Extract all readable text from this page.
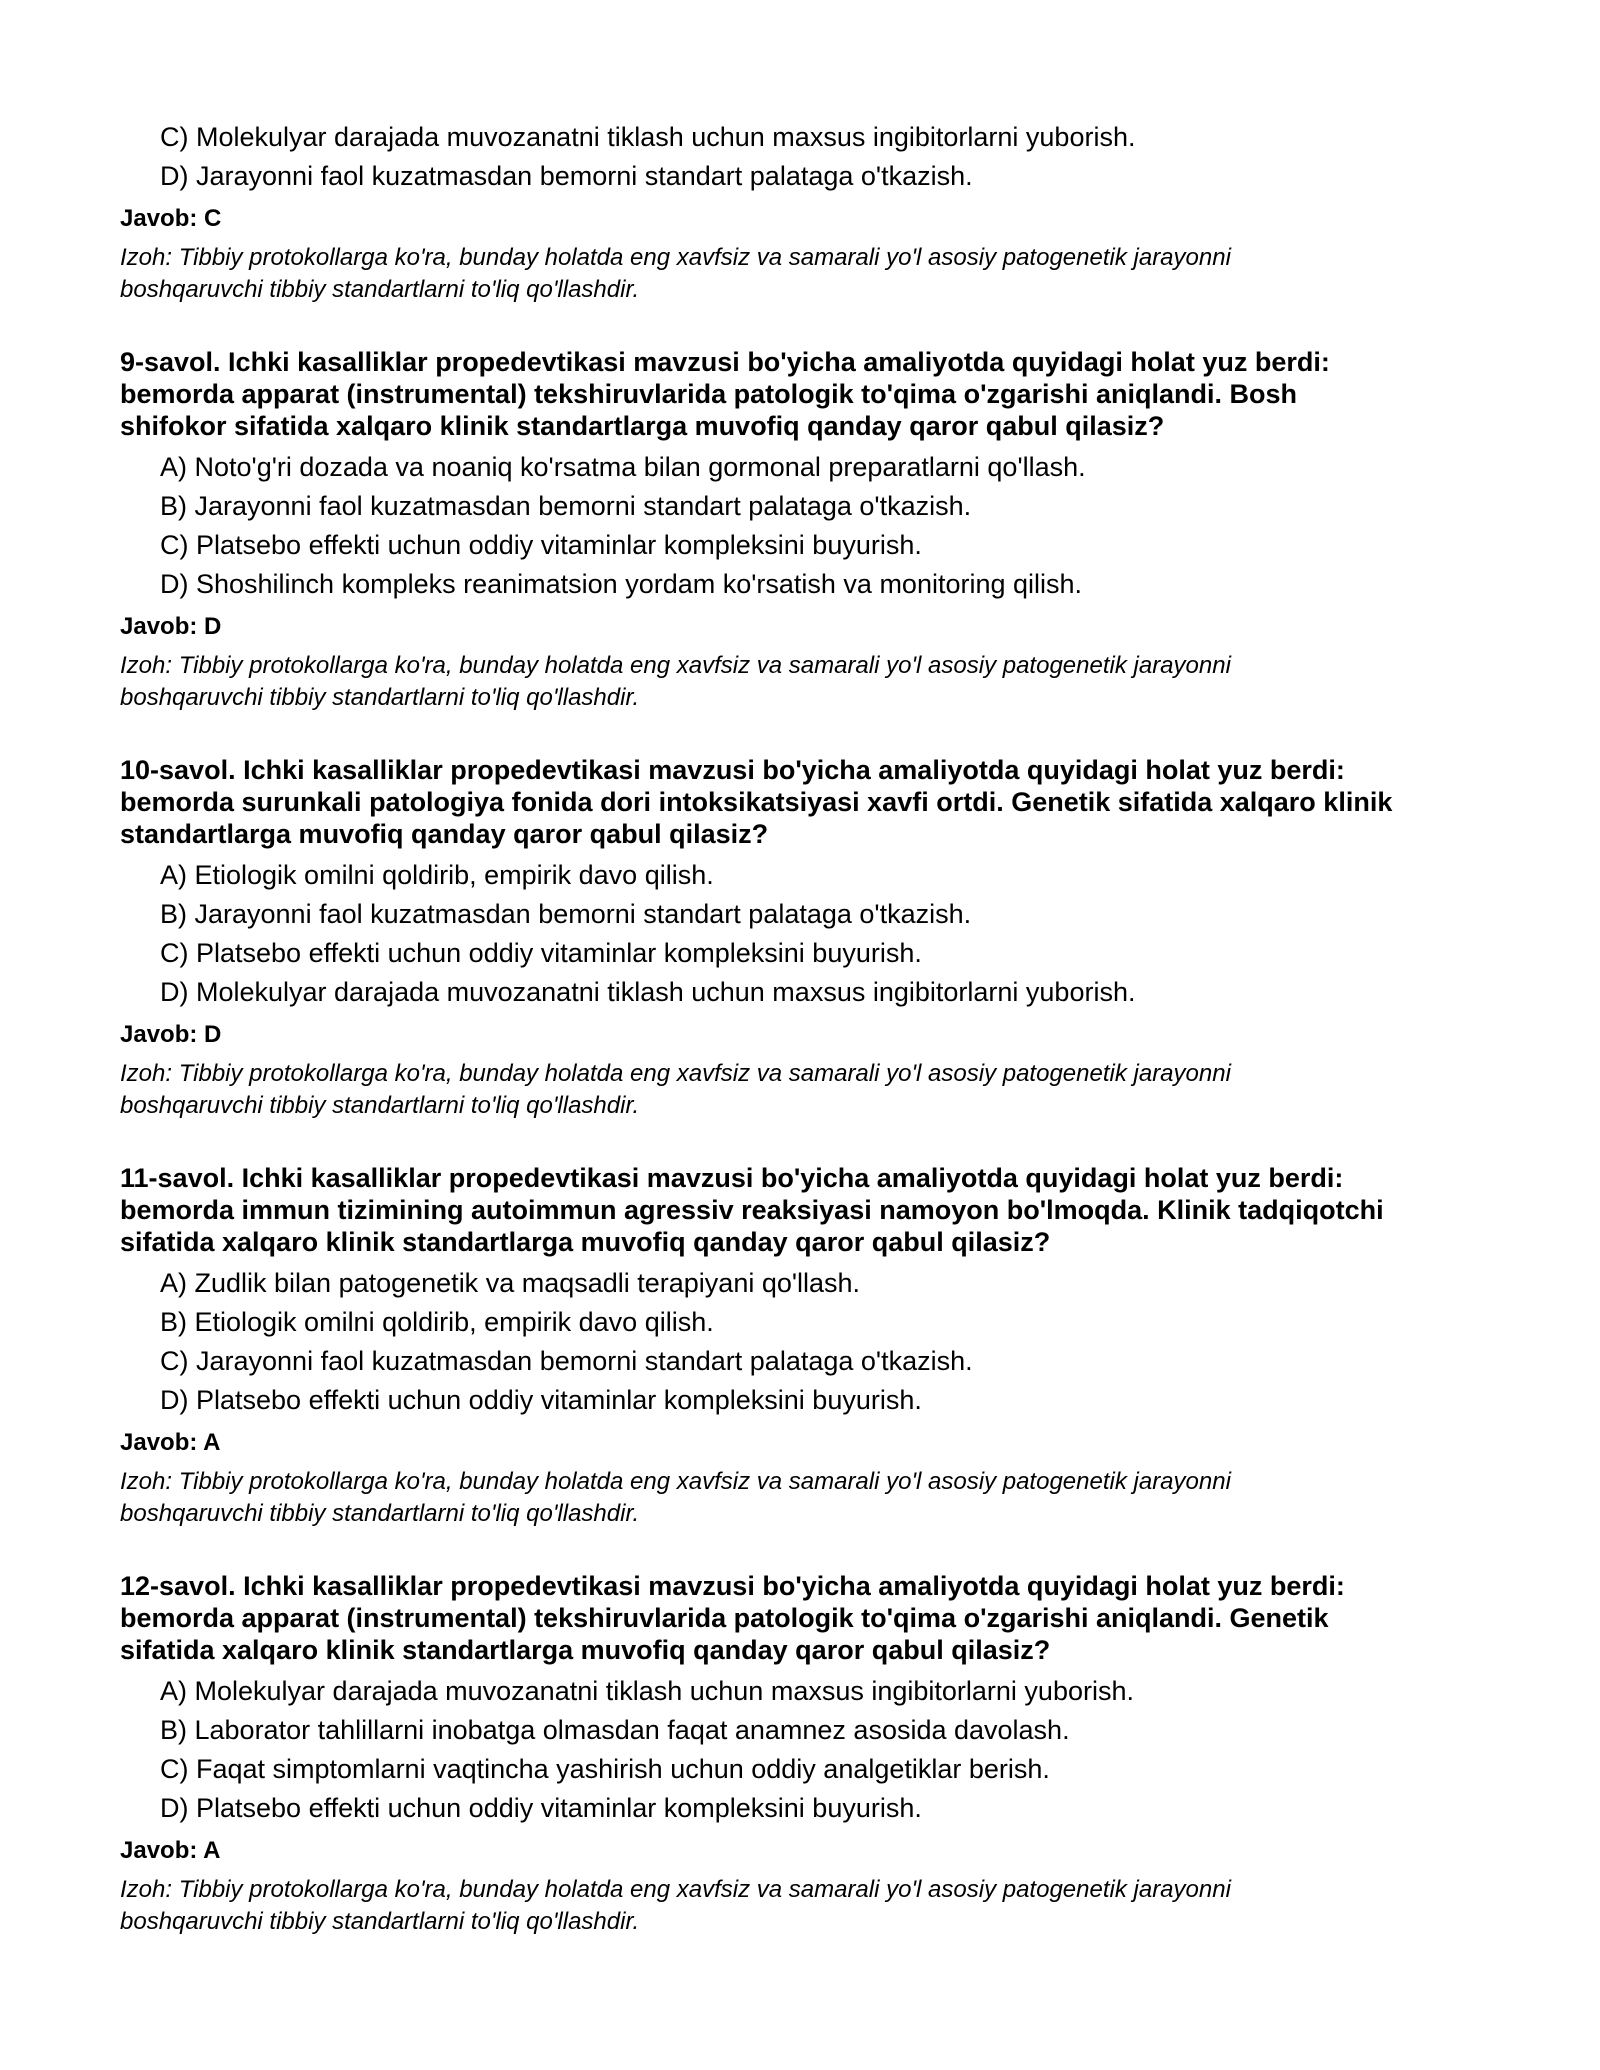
C) Molekulyar darajada muvozanatni tiklash uchun maxsus ingibitorlarni yuborish.
D) Jarayonni faol kuzatmasdan bemorni standart palataga o'tkazish.
Javob: C
Izoh: Tibbiy protokollarga ko'ra, bunday holatda eng xavfsiz va samarali yo'l asosiy patogenetik jarayonni
boshqaruvchi tibbiy standartlarni to'liq qo'llashdir.
9-savol. Ichki kasalliklar propedevtikasi mavzusi bo'yicha amaliyotda quyidagi holat yuz berdi:
bemorda apparat (instrumental) tekshiruvlarida patologik to'qima o'zgarishi aniqlandi. Bosh
shifokor sifatida xalqaro klinik standartlarga muvofiq qanday qaror qabul qilasiz?
A) Noto'g'ri dozada va noaniq ko'rsatma bilan gormonal preparatlarni qo'llash.
B) Jarayonni faol kuzatmasdan bemorni standart palataga o'tkazish.
C) Platsebo effekti uchun oddiy vitaminlar kompleksini buyurish.
D) Shoshilinch kompleks reanimatsion yordam ko'rsatish va monitoring qilish.
Javob: D
Izoh: Tibbiy protokollarga ko'ra, bunday holatda eng xavfsiz va samarali yo'l asosiy patogenetik jarayonni
boshqaruvchi tibbiy standartlarni to'liq qo'llashdir.
10-savol. Ichki kasalliklar propedevtikasi mavzusi bo'yicha amaliyotda quyidagi holat yuz berdi:
bemorda surunkali patologiya fonida dori intoksikatsiyasi xavfi ortdi. Genetik sifatida xalqaro klinik
standartlarga muvofiq qanday qaror qabul qilasiz?
A) Etiologik omilni qoldirib, empirik davo qilish.
B) Jarayonni faol kuzatmasdan bemorni standart palataga o'tkazish.
C) Platsebo effekti uchun oddiy vitaminlar kompleksini buyurish.
D) Molekulyar darajada muvozanatni tiklash uchun maxsus ingibitorlarni yuborish.
Javob: D
Izoh: Tibbiy protokollarga ko'ra, bunday holatda eng xavfsiz va samarali yo'l asosiy patogenetik jarayonni
boshqaruvchi tibbiy standartlarni to'liq qo'llashdir.
11-savol. Ichki kasalliklar propedevtikasi mavzusi bo'yicha amaliyotda quyidagi holat yuz berdi:
bemorda immun tizimining autoimmun agressiv reaksiyasi namoyon bo'lmoqda. Klinik tadqiqotchi
sifatida xalqaro klinik standartlarga muvofiq qanday qaror qabul qilasiz?
A) Zudlik bilan patogenetik va maqsadli terapiyani qo'llash.
B) Etiologik omilni qoldirib, empirik davo qilish.
C) Jarayonni faol kuzatmasdan bemorni standart palataga o'tkazish.
D) Platsebo effekti uchun oddiy vitaminlar kompleksini buyurish.
Javob: A
Izoh: Tibbiy protokollarga ko'ra, bunday holatda eng xavfsiz va samarali yo'l asosiy patogenetik jarayonni
boshqaruvchi tibbiy standartlarni to'liq qo'llashdir.
12-savol. Ichki kasalliklar propedevtikasi mavzusi bo'yicha amaliyotda quyidagi holat yuz berdi:
bemorda apparat (instrumental) tekshiruvlarida patologik to'qima o'zgarishi aniqlandi. Genetik
sifatida xalqaro klinik standartlarga muvofiq qanday qaror qabul qilasiz?
A) Molekulyar darajada muvozanatni tiklash uchun maxsus ingibitorlarni yuborish.
B) Laborator tahlillarni inobatga olmasdan faqat anamnez asosida davolash.
C) Faqat simptomlarni vaqtincha yashirish uchun oddiy analgetiklar berish.
D) Platsebo effekti uchun oddiy vitaminlar kompleksini buyurish.
Javob: A
Izoh: Tibbiy protokollarga ko'ra, bunday holatda eng xavfsiz va samarali yo'l asosiy patogenetik jarayonni
boshqaruvchi tibbiy standartlarni to'liq qo'llashdir.
